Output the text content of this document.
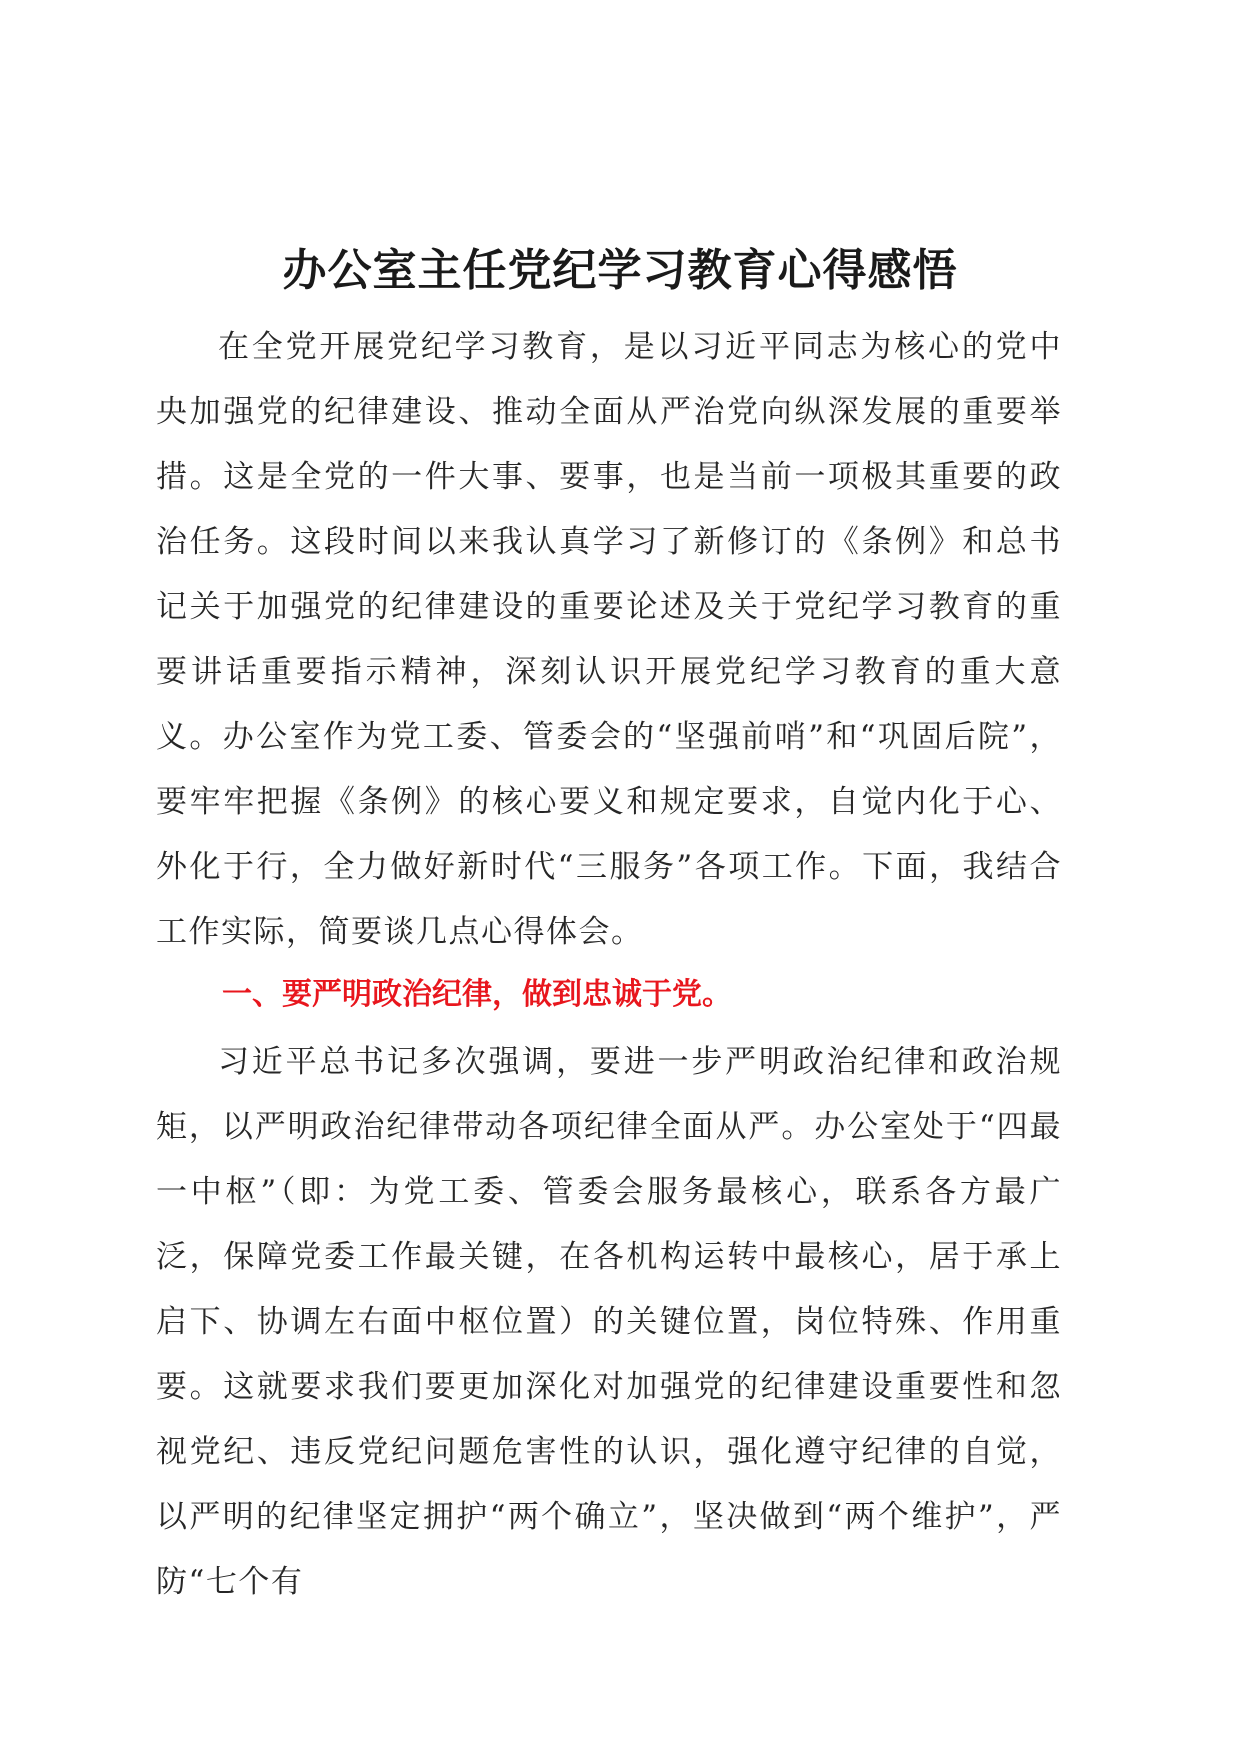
办公室主任党纪学习教育心得感悟

在全党开展党纪学习教育，是以习近平同志为核心的党中央加强党的纪律建设、推动全面从严治党向纵深发展的重要举措。这是全党的一件大事、要事，也是当前一项极其重要的政治任务。这段时间以来我认真学习了新修订的《条例》和总书记关于加强党的纪律建设的重要论述及关于党纪学习教育的重要讲话重要指示精神，深刻认识开展党纪学习教育的重大意义。办公室作为党工委、管委会的“坚强前哨”和“巩固后院”，要牢牢把握《条例》的核心要义和规定要求，自觉内化于心、外化于行，全力做好新时代“三服务”各项工作。下面，我结合工作实际，简要谈几点心得体会。

一、要严明政治纪律，做到忠诚于党。

习近平总书记多次强调，要进一步严明政治纪律和政治规矩，以严明政治纪律带动各项纪律全面从严。办公室处于“四最一中枢”（即：为党工委、管委会服务最核心，联系各方最广泛，保障党委工作最关键，在各机构运转中最核心，居于承上启下、协调左右面中枢位置）的关键位置，岗位特殊、作用重要。这就要求我们要更加深化对加强党的纪律建设重要性和忽视党纪、违反党纪问题危害性的认识，强化遵守纪律的自觉，以严明的纪律坚定拥护“两个确立”，坚决做到“两个维护”，严防“七个有
